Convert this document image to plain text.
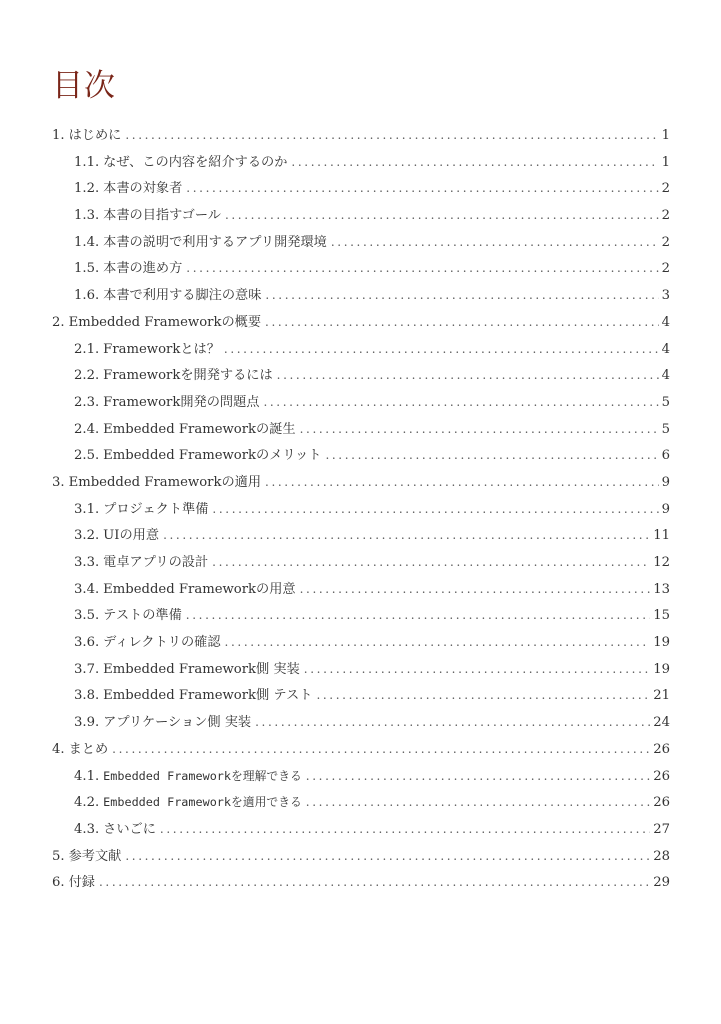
目次
1. はじめに . . .	1
1.1. なぜ、この内容を紹介するのか . . .	1
1.2. 本書の対象者 . . .	2
1.3. 本書の目指すゴール . . .	2
1.4. 本書の説明で利用するアプリ開発環境 . . .	2
1.5. 本書の進め方 . . .	2
1.6. 本書で利用する脚注の意味 . . .	3
2. Embedded Frameworkの概要 . . .	4
2.1. Frameworkとは？ . . .	4
2.2. Frameworkを開発するには . . .	4
2.3. Framework開発の問題点 . . .	5
2.4. Embedded Frameworkの誕生 . . .	5
2.5. Embedded Frameworkのメリット . . .	6
3. Embedded Frameworkの適用 . . .	9
3.1. プロジェクト準備 . . .	9
3.2. UIの用意 . . .	11
3.3. 電卓アプリの設計 . . .	12
3.4. Embedded Frameworkの用意 . . .	13
3.5. テストの準備 . . .	15
3.6. ディレクトリの確認 . . .	19
3.7. Embedded Framework側 実装 . . .	19
3.8. Embedded Framework側 テスト . . .	21
3.9. アプリケーション側 実装 . . .	24
4. まとめ . . .	26
4.1. Embedded Frameworkを理解できる . . .	26
4.2. Embedded Frameworkを適用できる . . .	26
4.3. さいごに . . .	27
5. 参考文献 . . .	28
6. 付録 . . .	29
